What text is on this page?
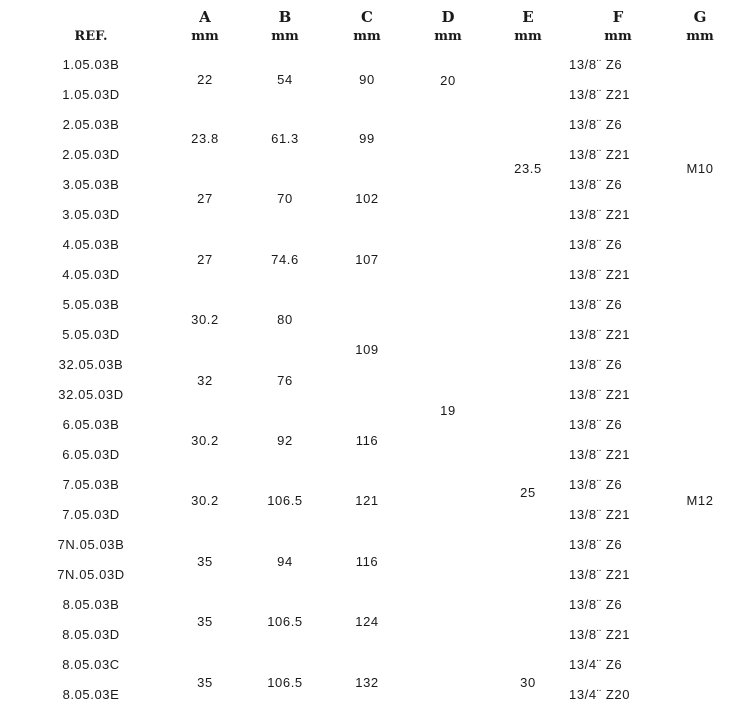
REF.
A
mm
B
mm
C
mm
D
mm
E
mm
F
mm
G
mm
1.05.03B
1.05.03D
2.05.03B
2.05.03D
3.05.03B
3.05.03D
4.05.03B
4.05.03D
5.05.03B
5.05.03D
32.05.03B
32.05.03D
6.05.03B
6.05.03D
7.05.03B
7.05.03D
7N.05.03B
7N.05.03D
8.05.03B
8.05.03D
8.05.03C
8.05.03E
22
23.8
27
27
30.2
32
30.2
30.2
35
35
35
54
61.3
70
74.6
80
76
92
106.5
94
106.5
106.5
90
99
102
107
109
116
121
116
124
132
20
19
23.5
25
30
13/8¨ Z6
13/8¨ Z21
13/8¨ Z6
13/8¨ Z21
13/8¨ Z6
13/8¨ Z21
13/8¨ Z6
13/8¨ Z21
13/8¨ Z6
13/8¨ Z21
13/8¨ Z6
13/8¨ Z21
13/8¨ Z6
13/8¨ Z21
13/8¨ Z6
13/8¨ Z21
13/8¨ Z6
13/8¨ Z21
13/8¨ Z6
13/8¨ Z21
13/4¨ Z6
13/4¨ Z20
M10
M12
